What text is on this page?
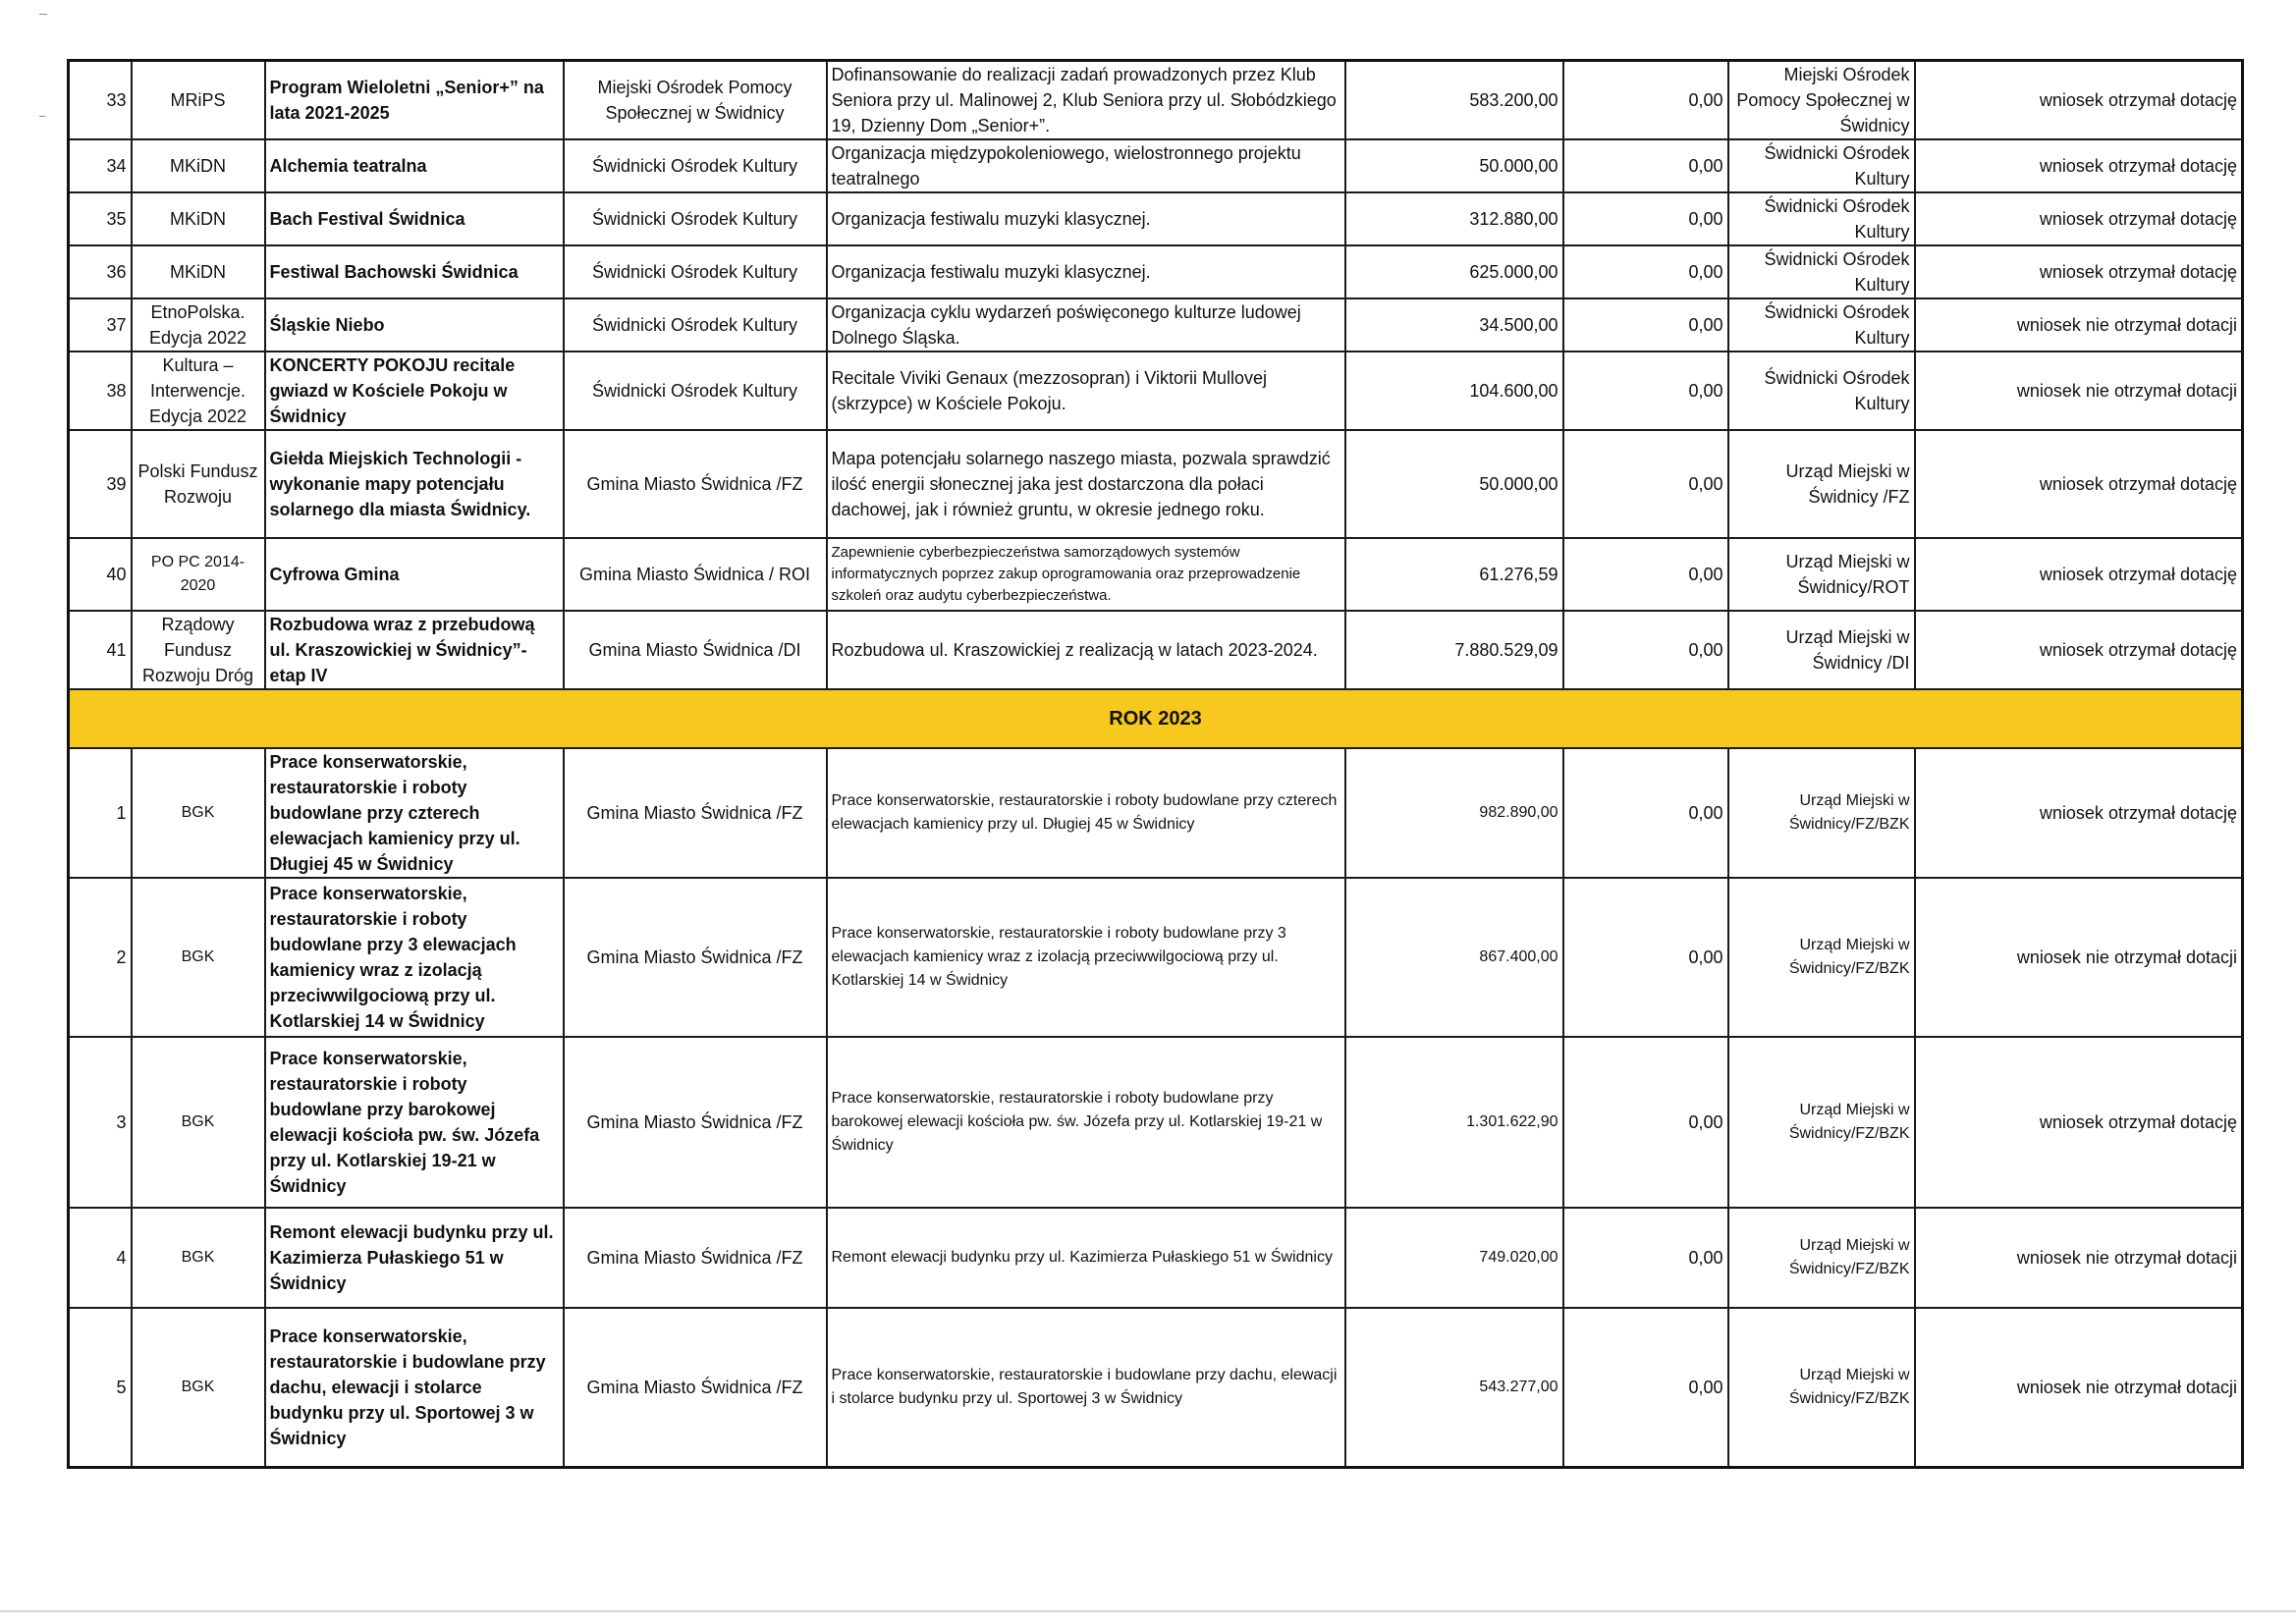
33	MRiPS	Program Wieloletni „Senior+” na lata 2021-2025	Miejski Ośrodek Pomocy Społecznej w Świdnicy	Dofinansowanie do realizacji zadań prowadzonych przez Klub Seniora przy ul. Malinowej 2, Klub Seniora przy ul. Słobódzkiego 19, Dzienny Dom „Senior+”.	583.200,00	0,00	Miejski Ośrodek Pomocy Społecznej w Świdnicy	wniosek otrzymał dotację
34	MKiDN	Alchemia teatralna	Świdnicki Ośrodek Kultury	Organizacja międzypokoleniowego, wielostronnego projektu teatralnego	50.000,00	0,00	Świdnicki Ośrodek Kultury	wniosek otrzymał dotację
35	MKiDN	Bach Festival Świdnica	Świdnicki Ośrodek Kultury	Organizacja festiwalu muzyki klasycznej.	312.880,00	0,00	Świdnicki Ośrodek Kultury	wniosek otrzymał dotację
36	MKiDN	Festiwal Bachowski Świdnica	Świdnicki Ośrodek Kultury	Organizacja festiwalu muzyki klasycznej.	625.000,00	0,00	Świdnicki Ośrodek Kultury	wniosek otrzymał dotację
37	EtnoPolska. Edycja 2022	Śląskie Niebo	Świdnicki Ośrodek Kultury	Organizacja cyklu wydarzeń poświęconego kulturze ludowej Dolnego Śląska.	34.500,00	0,00	Świdnicki Ośrodek Kultury	wniosek nie otrzymał dotacji
38	Kultura – Interwencje. Edycja 2022	KONCERTY POKOJU recitale gwiazd w Kościele Pokoju w Świdnicy	Świdnicki Ośrodek Kultury	Recitale Viviki Genaux (mezzosopran) i Viktorii Mullovej (skrzypce) w Kościele Pokoju.	104.600,00	0,00	Świdnicki Ośrodek Kultury	wniosek nie otrzymał dotacji
39	Polski Fundusz Rozwoju	Giełda Miejskich Technologii - wykonanie mapy potencjału solarnego dla miasta Świdnicy.	Gmina Miasto Świdnica /FZ	Mapa potencjału solarnego naszego miasta, pozwala sprawdzić ilość energii słonecznej jaka jest dostarczona dla połaci dachowej, jak i również gruntu, w okresie jednego roku.	50.000,00	0,00	Urząd Miejski w Świdnicy /FZ	wniosek otrzymał dotację
40	PO PC 2014-2020	Cyfrowa Gmina	Gmina Miasto Świdnica / ROI	Zapewnienie cyberbezpieczeństwa samorządowych systemów informatycznych poprzez zakup oprogramowania oraz przeprowadzenie szkoleń oraz audytu cyberbezpieczeństwa.	61.276,59	0,00	Urząd Miejski w Świdnicy/ROT	wniosek otrzymał dotację
41	Rządowy Fundusz Rozwoju Dróg	Rozbudowa wraz z przebudową ul. Kraszowickiej w Świdnicy”-etap IV	Gmina Miasto Świdnica /DI	Rozbudowa ul. Kraszowickiej z realizacją w latach 2023-2024.	7.880.529,09	0,00	Urząd Miejski w Świdnicy /DI	wniosek otrzymał dotację
ROK 2023								
1	BGK	Prace konserwatorskie, restauratorskie i roboty budowlane przy czterech elewacjach kamienicy przy ul. Długiej 45 w Świdnicy	Gmina Miasto Świdnica /FZ	Prace konserwatorskie, restauratorskie i roboty budowlane przy czterech elewacjach kamienicy przy ul. Długiej 45 w Świdnicy	982.890,00	0,00	Urząd Miejski w Świdnicy/FZ/BZK	wniosek otrzymał dotację
2	BGK	Prace konserwatorskie, restauratorskie i roboty budowlane przy 3 elewacjach kamienicy wraz z izolacją przeciwwilgociową przy ul. Kotlarskiej 14 w Świdnicy	Gmina Miasto Świdnica /FZ	Prace konserwatorskie, restauratorskie i roboty budowlane przy 3 elewacjach kamienicy wraz z izolacją przeciwwilgociową przy ul. Kotlarskiej 14 w Świdnicy	867.400,00	0,00	Urząd Miejski w Świdnicy/FZ/BZK	wniosek nie otrzymał dotacji
3	BGK	Prace konserwatorskie, restauratorskie i roboty budowlane przy barokowej elewacji kościoła pw. św. Józefa przy ul. Kotlarskiej 19-21 w Świdnicy	Gmina Miasto Świdnica /FZ	Prace konserwatorskie, restauratorskie i roboty budowlane przy barokowej elewacji kościoła pw. św. Józefa przy ul. Kotlarskiej 19-21 w Świdnicy	1.301.622,90	0,00	Urząd Miejski w Świdnicy/FZ/BZK	wniosek otrzymał dotację
4	BGK	Remont elewacji budynku przy ul. Kazimierza Pułaskiego 51 w Świdnicy	Gmina Miasto Świdnica /FZ	Remont elewacji budynku przy ul. Kazimierza Pułaskiego 51 w Świdnicy	749.020,00	0,00	Urząd Miejski w Świdnicy/FZ/BZK	wniosek nie otrzymał dotacji
5	BGK	Prace konserwatorskie, restauratorskie i budowlane przy dachu, elewacji i stolarce budynku przy ul. Sportowej 3 w Świdnicy	Gmina Miasto Świdnica /FZ	Prace konserwatorskie, restauratorskie i budowlane przy dachu, elewacji i stolarce budynku przy ul. Sportowej 3 w Świdnicy	543.277,00	0,00	Urząd Miejski w Świdnicy/FZ/BZK	wniosek nie otrzymał dotacji
